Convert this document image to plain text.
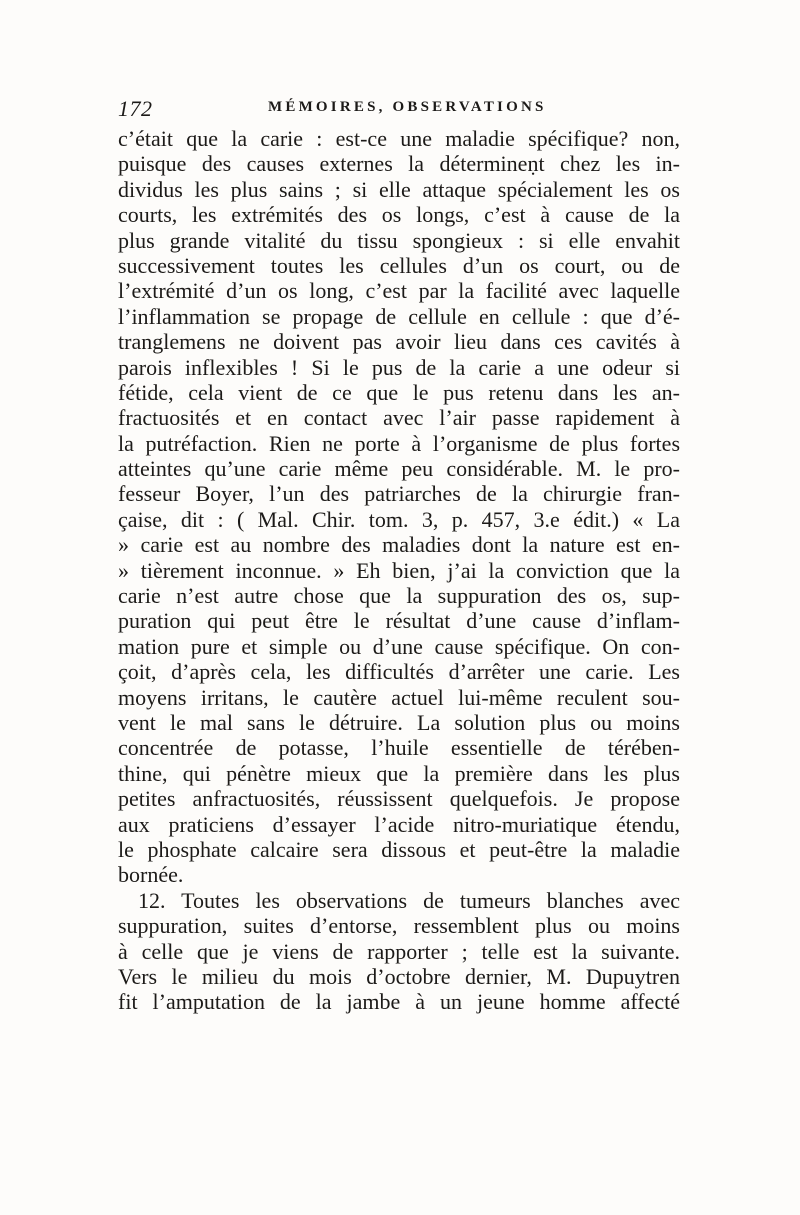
172	MÉMOIRES, OBSERVATIONS
c’était que la carie : est-ce une maladie spécifique? non,
puisque des causes externes la détermineṇt chez les in-
dividus les plus sains ; si elle attaque spécialement les os
courts, les extrémités des os longs, c’est à cause de la
plus grande vitalité du tissu spongieux : si elle envahit
successivement toutes les cellules d’un os court, ou de
l’extrémité d’un os long, c’est par la facilité avec laquelle
l’inflammation se propage de cellule en cellule : que d’é-
tranglemens ne doivent pas avoir lieu dans ces cavités à
parois inflexibles ! Si le pus de la carie a une odeur si
fétide, cela vient de ce que le pus retenu dans les an-
fractuosités et en contact avec l’air passe rapidement à
la putréfaction. Rien ne porte à l’organisme de plus fortes
atteintes qu’une carie même peu considérable. M. le pro-
fesseur Boyer, l’un des patriarches de la chirurgie fran-
çaise, dit : ( Mal. Chir. tom. 3, p. 457, 3.e édit.) « La
» carie est au nombre des maladies dont la nature est en-
» tièrement inconnue. » Eh bien, j’ai la conviction que la
carie n’est autre chose que la suppuration des os, sup-
puration qui peut être le résultat d’une cause d’inflam-
mation pure et simple ou d’une cause spécifique. On con-
çoit, d’après cela, les difficultés d’arrêter une carie. Les
moyens irritans, le cautère actuel lui-même reculent sou-
vent le mal sans le détruire. La solution plus ou moins
concentrée de potasse, l’huile essentielle de térében-
thine, qui pénètre mieux que la première dans les plus
petites anfractuosités, réussissent quelquefois. Je propose
aux praticiens d’essayer l’acide nitro-muriatique étendu,
le phosphate calcaire sera dissous et peut-être la maladie
bornée.
12. Toutes les observations de tumeurs blanches avec
suppuration, suites d’entorse, ressemblent plus ou moins
à celle que je viens de rapporter ; telle est la suivante.
Vers le milieu du mois d’octobre dernier, M. Dupuytren
fit l’amputation de la jambe à un jeune homme affecté
